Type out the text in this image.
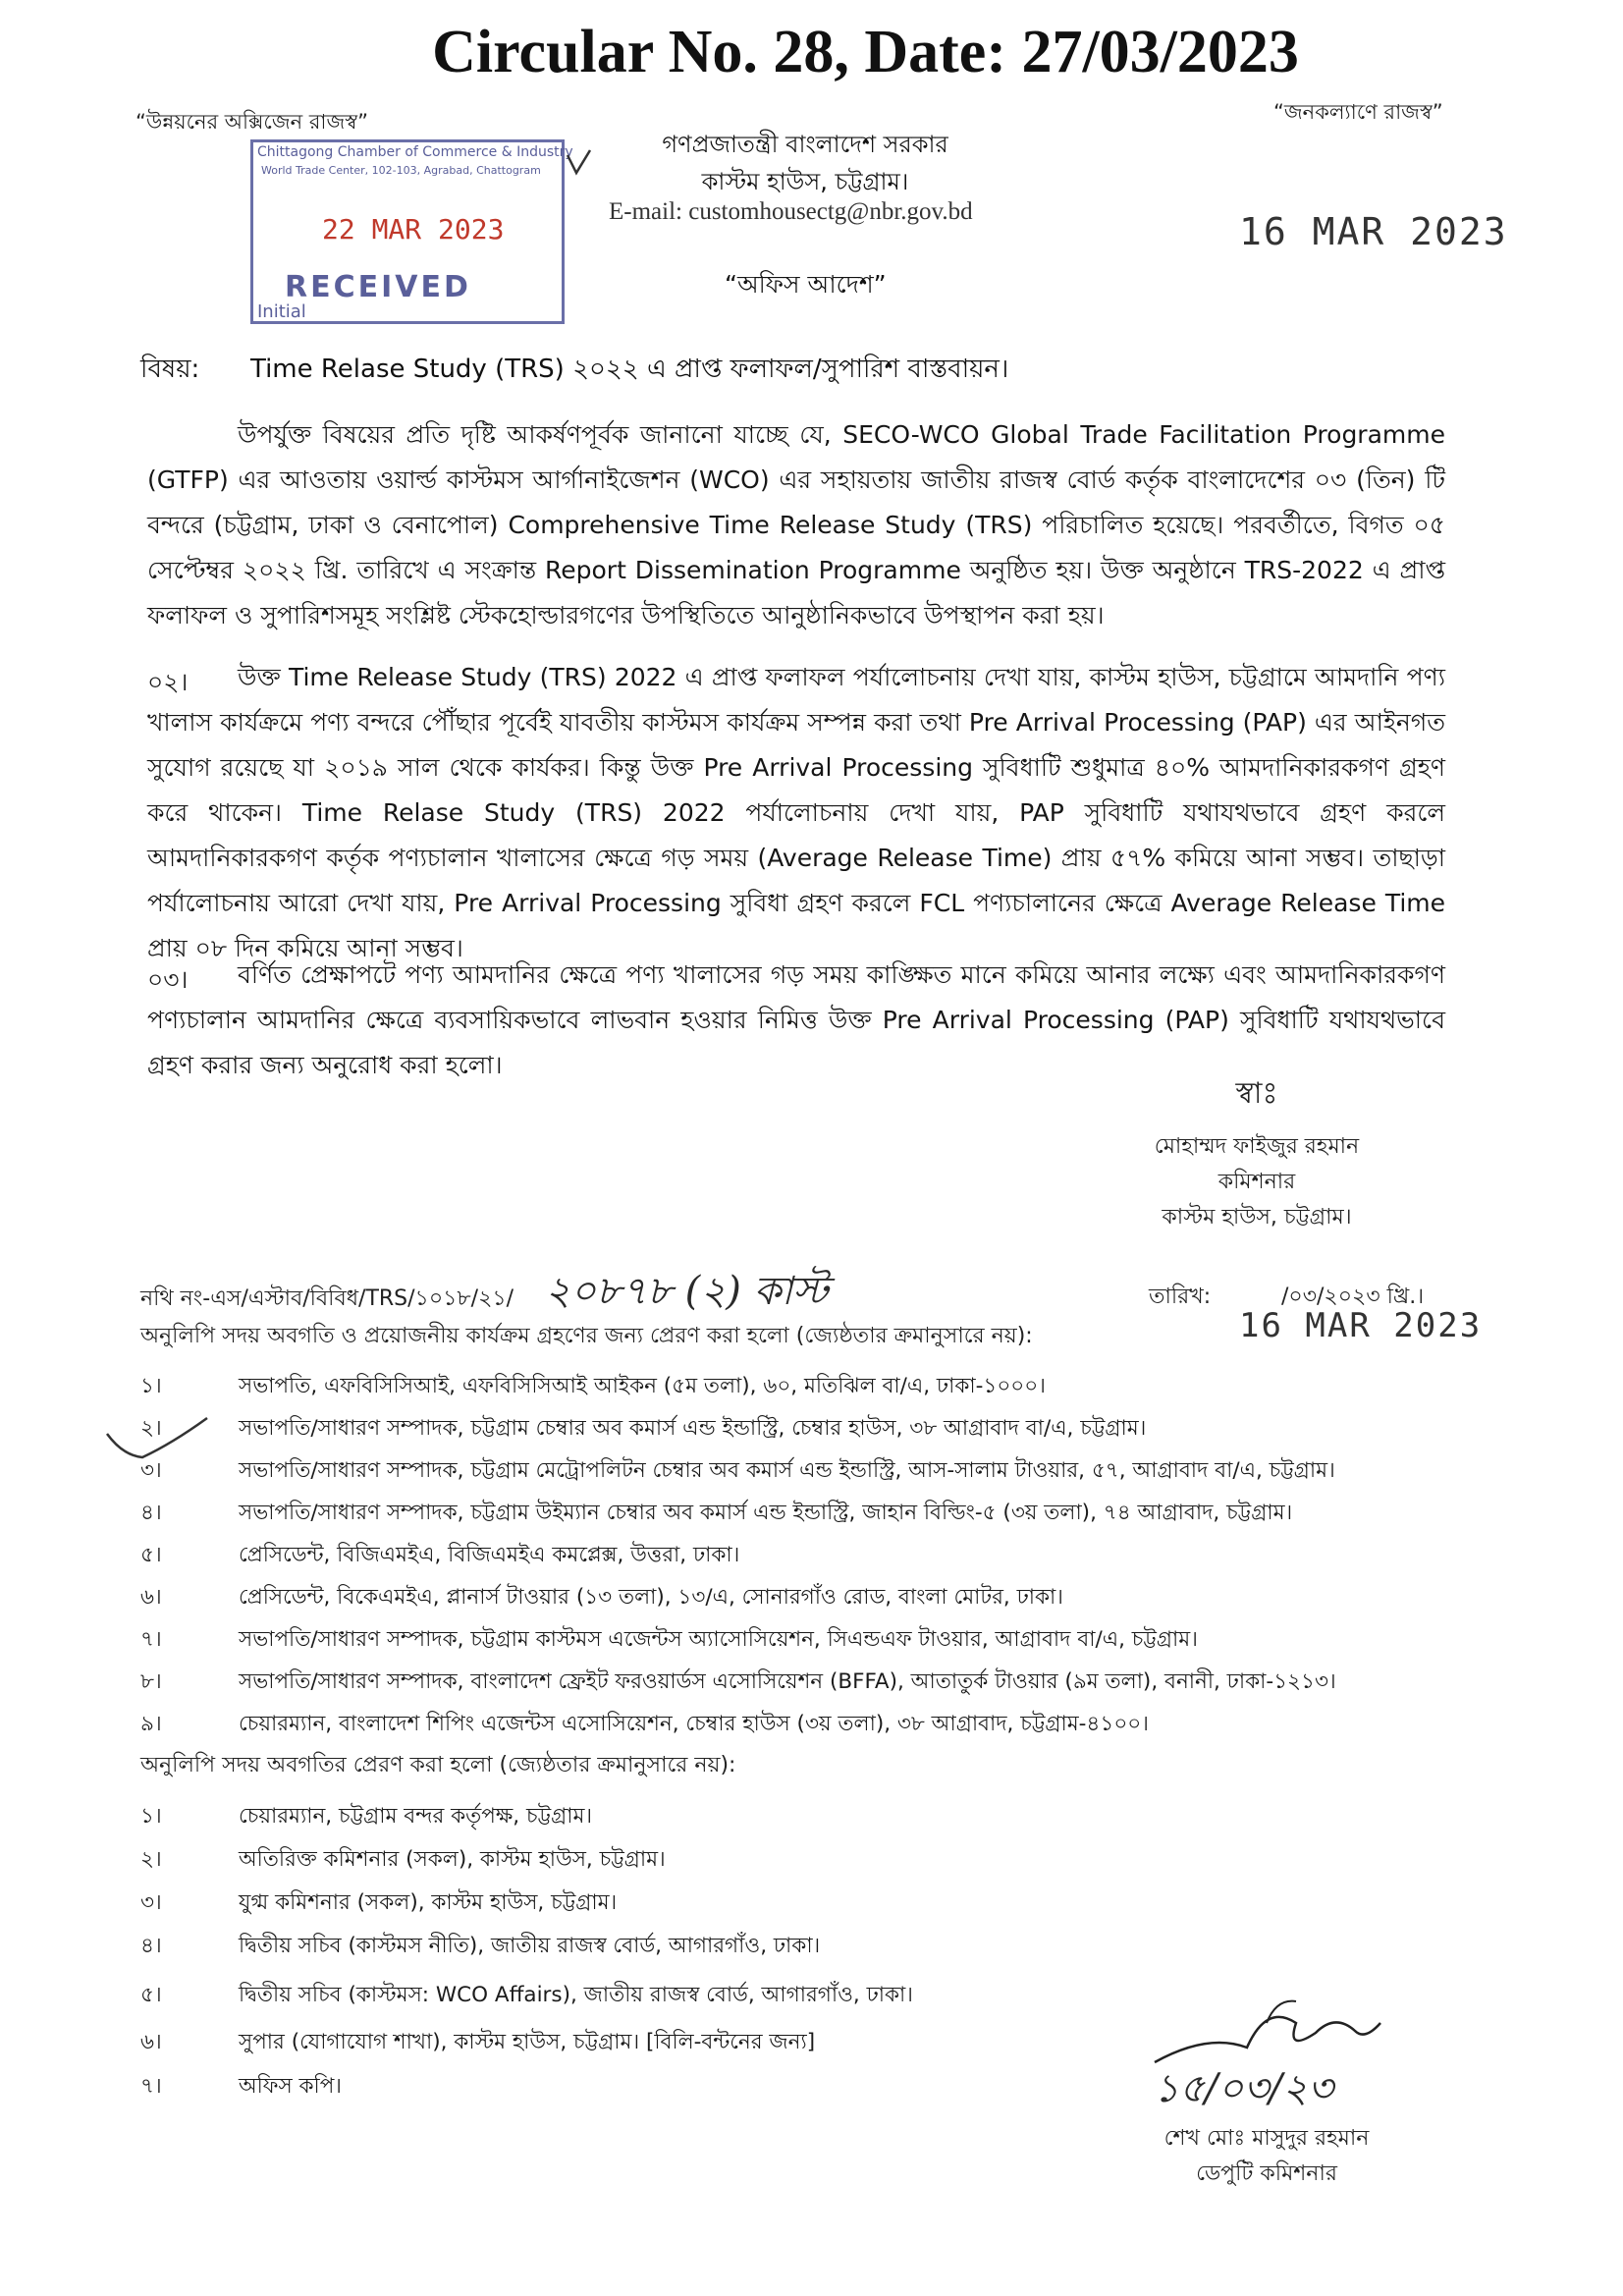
Circular No. 28, Date: 27/03/2023
“উন্নয়নের অক্সিজেন রাজস্ব”	“জনকল্যাণে রাজস্ব”
গণপ্রজাতন্ত্রী বাংলাদেশ সরকার
কাস্টম হাউস, চট্টগ্রাম।
E-mail: customhousectg@nbr.gov.bd	16 MAR 2023
Chittagong Chamber of Commerce & Industry
World Trade Center, 102-103, Agrabad, Chattogram
22 MAR 2023
RECEIVED
Initial
“অফিস আদেশ”
বিষয়: Time Relase Study (TRS) ২০২২ এ প্রাপ্ত ফলাফল/সুপারিশ বাস্তবায়ন।

উপর্যুক্ত বিষয়ের প্রতি দৃষ্টি আকর্ষণপূর্বক জানানো যাচ্ছে যে, SECO-WCO Global Trade Facilitation Programme (GTFP) এর আওতায় ওয়ার্ল্ড কাস্টমস আর্গানাইজেশন (WCO) এর সহায়তায় জাতীয় রাজস্ব বোর্ড কর্তৃক বাংলাদেশের ০৩ (তিন) টি বন্দরে (চট্টগ্রাম, ঢাকা ও বেনাপোল) Comprehensive Time Release Study (TRS) পরিচালিত হয়েছে। পরবর্তীতে, বিগত ০৫ সেপ্টেম্বর ২০২২ খ্রি. তারিখে এ সংক্রান্ত Report Dissemination Programme অনুষ্ঠিত হয়। উক্ত অনুষ্ঠানে TRS-2022 এ প্রাপ্ত ফলাফল ও সুপারিশসমূহ সংশ্লিষ্ট স্টেকহোল্ডারগণের উপস্থিতিতে আনুষ্ঠানিকভাবে উপস্থাপন করা হয়।

০২।	উক্ত Time Release Study (TRS) 2022 এ প্রাপ্ত ফলাফল পর্যালোচনায় দেখা যায়, কাস্টম হাউস, চট্টগ্রামে আমদানি পণ্য খালাস কার্যক্রমে পণ্য বন্দরে পৌঁছার পূর্বেই যাবতীয় কাস্টমস কার্যক্রম সম্পন্ন করা তথা Pre Arrival Processing (PAP) এর আইনগত সুযোগ রয়েছে যা ২০১৯ সাল থেকে কার্যকর। কিন্তু উক্ত Pre Arrival Processing সুবিধাটি শুধুমাত্র ৪০% আমদানিকারকগণ গ্রহণ করে থাকেন। Time Relase Study (TRS) 2022 পর্যালোচনায় দেখা যায়, PAP সুবিধাটি যথাযথভাবে গ্রহণ করলে আমদানিকারকগণ কর্তৃক পণ্যচালান খালাসের ক্ষেত্রে গড় সময় (Average Release Time) প্রায় ৫৭% কমিয়ে আনা সম্ভব। তাছাড়া পর্যালোচনায় আরো দেখা যায়, Pre Arrival Processing সুবিধা গ্রহণ করলে FCL পণ্যচালানের ক্ষেত্রে Average Release Time প্রায় ০৮ দিন কমিয়ে আনা সম্ভব।

০৩।	বর্ণিত প্রেক্ষাপটে পণ্য আমদানির ক্ষেত্রে পণ্য খালাসের গড় সময় কাঙ্ক্ষিত মানে কমিয়ে আনার লক্ষ্যে এবং আমদানিকারকগণ পণ্যচালান আমদানির ক্ষেত্রে ব্যবসায়িকভাবে লাভবান হওয়ার নিমিত্ত উক্ত Pre Arrival Processing (PAP) সুবিধাটি যথাযথভাবে গ্রহণ করার জন্য অনুরোধ করা হলো।

স্বাঃ
মোহাম্মদ ফাইজুর রহমান
কমিশনার
কাস্টম হাউস, চট্টগ্রাম।
নথি নং-এস/এস্টাব/বিবিধ/TRS/১০১৮/২১/ ২০৮৭৮ (২) কাস্ট	তারিখ:	/০৩/২০২৩ খ্রি.।
16 MAR 2023
অনুলিপি সদয় অবগতি ও প্রয়োজনীয় কার্যক্রম গ্রহণের জন্য প্রেরণ করা হলো (জ্যেষ্ঠতার ক্রমানুসারে নয়):
১।	সভাপতি, এফবিসিসিআই, এফবিসিসিআই আইকন (৫ম তলা), ৬০, মতিঝিল বা/এ, ঢাকা-১০০০।
২।	সভাপতি/সাধারণ সম্পাদক, চট্টগ্রাম চেম্বার অব কমার্স এন্ড ইন্ডাস্ট্রি, চেম্বার হাউস, ৩৮ আগ্রাবাদ বা/এ, চট্টগ্রাম।
৩।	সভাপতি/সাধারণ সম্পাদক, চট্টগ্রাম মেট্রোপলিটন চেম্বার অব কমার্স এন্ড ইন্ডাস্ট্রি, আস-সালাম টাওয়ার, ৫৭, আগ্রাবাদ বা/এ, চট্টগ্রাম।
৪।	সভাপতি/সাধারণ সম্পাদক, চট্টগ্রাম উইম্যান চেম্বার অব কমার্স এন্ড ইন্ডাস্ট্রি, জাহান বিল্ডিং-৫ (৩য় তলা), ৭৪ আগ্রাবাদ, চট্টগ্রাম।
৫।	প্রেসিডেন্ট, বিজিএমইএ, বিজিএমইএ কমপ্লেক্স, উত্তরা, ঢাকা।
৬।	প্রেসিডেন্ট, বিকেএমইএ, প্লানার্স টাওয়ার (১৩ তলা), ১৩/এ, সোনারগাঁও রোড, বাংলা মোটর, ঢাকা।
৭।	সভাপতি/সাধারণ সম্পাদক, চট্টগ্রাম কাস্টমস এজেন্টস অ্যাসোসিয়েশন, সিএন্ডএফ টাওয়ার, আগ্রাবাদ বা/এ, চট্টগ্রাম।
৮।	সভাপতি/সাধারণ সম্পাদক, বাংলাদেশ ফ্রেইট ফরওয়ার্ডস এসোসিয়েশন (BFFA), আতাতুর্ক টাওয়ার (৯ম তলা), বনানী, ঢাকা-১২১৩।
৯।	চেয়ারম্যান, বাংলাদেশ শিপিং এজেন্টস এসোসিয়েশন, চেম্বার হাউস (৩য় তলা), ৩৮ আগ্রাবাদ, চট্টগ্রাম-৪১০০।
অনুলিপি সদয় অবগতির প্রেরণ করা হলো (জ্যেষ্ঠতার ক্রমানুসারে নয়):
১।	চেয়ারম্যান, চট্টগ্রাম বন্দর কর্তৃপক্ষ, চট্টগ্রাম।
২।	অতিরিক্ত কমিশনার (সকল), কাস্টম হাউস, চট্টগ্রাম।
৩।	যুগ্ম কমিশনার (সকল), কাস্টম হাউস, চট্টগ্রাম।
৪।	দ্বিতীয় সচিব (কাস্টমস নীতি), জাতীয় রাজস্ব বোর্ড, আগারগাঁও, ঢাকা।
৫।	দ্বিতীয় সচিব (কাস্টমস: WCO Affairs), জাতীয় রাজস্ব বোর্ড, আগারগাঁও, ঢাকা।
৬।	সুপার (যোগাযোগ শাখা), কাস্টম হাউস, চট্টগ্রাম। [বিলি-বন্টনের জন্য]
৭।	অফিস কপি।	১৫/০৩/২৩
শেখ মোঃ মাসুদুর রহমান
ডেপুটি কমিশনার
